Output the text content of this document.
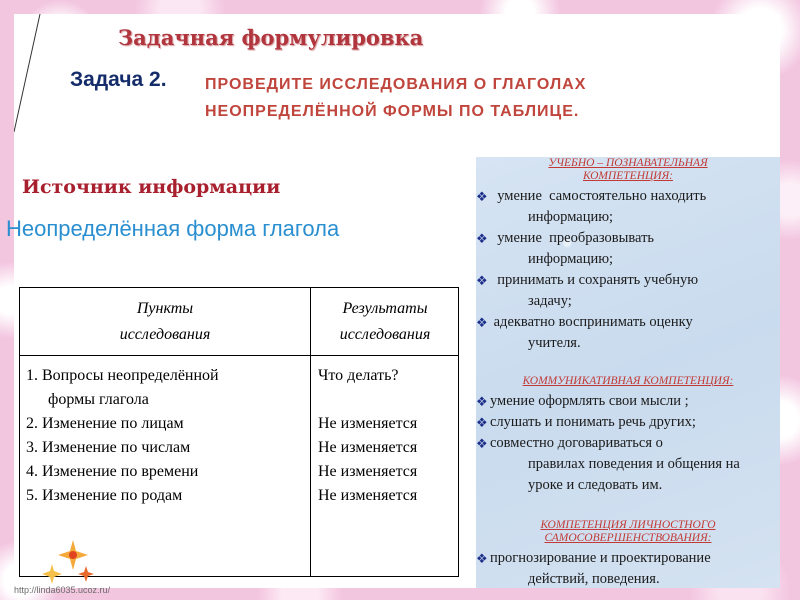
Задачная формулировка
Задача 2. ПРОВЕДИТЕ ИССЛЕДОВАНИЯ О ГЛАГОЛАХ
НЕОПРЕДЕЛЁННОЙ ФОРМЫ ПО ТАБЛИЦЕ.
Источник информации
Неопределённая форма глагола
Пункты
исследования
Результаты
исследования
1. Вопросы неопределённой
формы глагола
2. Изменение по лицам
3. Изменение по числам
4. Изменение по времени
5. Изменение по родам
Что делать?
Не изменяется
Не изменяется
Не изменяется
Не изменяется
УЧЕБНО – ПОЗНАВАТЕЛЬНАЯ
КОМПЕТЕНЦИЯ:
❖ умение  самостоятельно находить
информацию;
❖ умение  преобразовывать
информацию;
❖ принимать и сохранять учебную
задачу;
❖ адекватно воспринимать оценку
учителя.
КОММУНИКАТИВНАЯ КОМПЕТЕНЦИЯ:
❖ умение оформлять свои мысли ;
❖ слушать и понимать речь других;
❖ совместно договариваться о
правилах поведения и общения на
уроке и следовать им.
КОМПЕТЕНЦИЯ ЛИЧНОСТНОГО
САМОСОВЕРШЕНСТВОВАНИЯ:
❖ прогнозирование и проектирование
действий, поведения.
http://linda6035.ucoz.ru/
